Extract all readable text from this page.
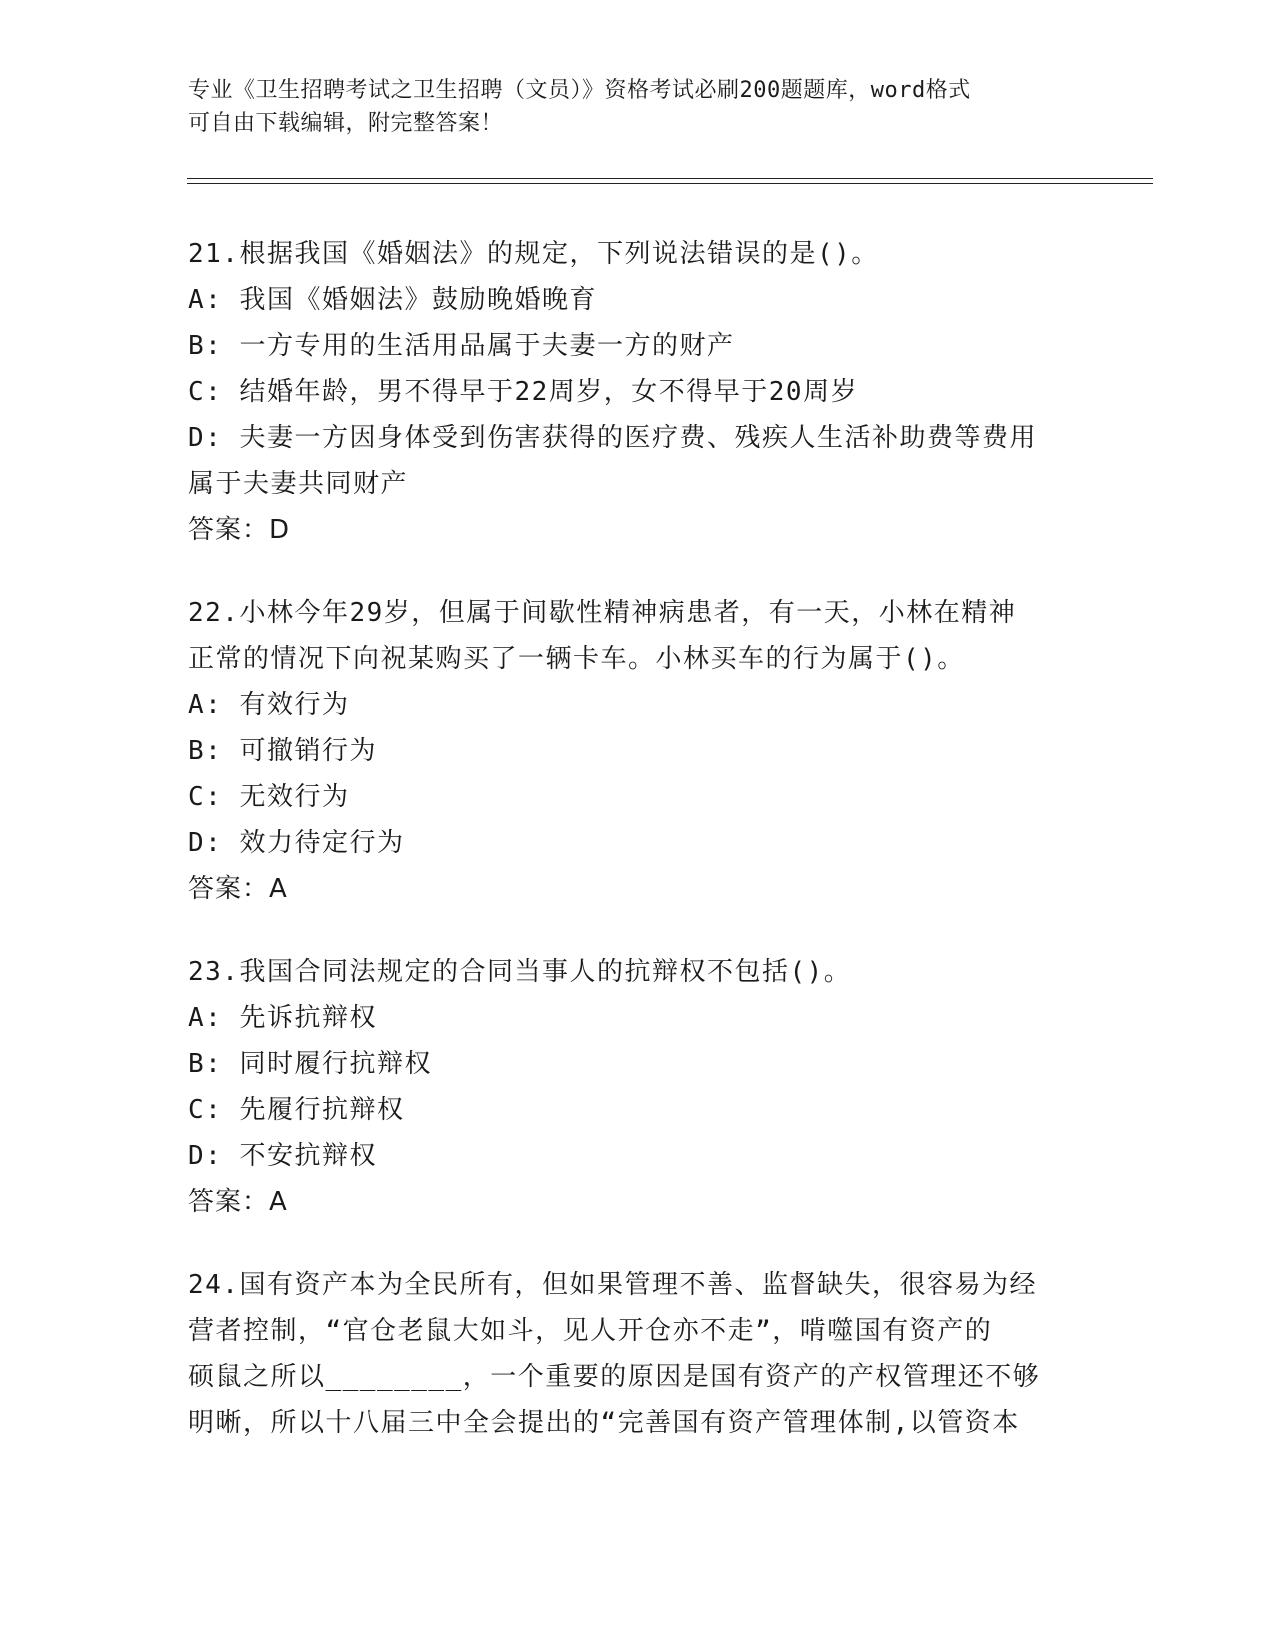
专业《卫生招聘考试之卫生招聘（文员）》资格考试必刷200题题库，word格式
可自由下载编辑，附完整答案！
21.根据我国《婚姻法》的规定，下列说法错误的是()。
A: 我国《婚姻法》鼓励晚婚晚育
B: 一方专用的生活用品属于夫妻一方的财产
C: 结婚年龄，男不得早于22周岁，女不得早于20周岁
D: 夫妻一方因身体受到伤害获得的医疗费、残疾人生活补助费等费用
属于夫妻共同财产
答案：D
22.小林今年29岁，但属于间歇性精神病患者，有一天，小林在精神
正常的情况下向祝某购买了一辆卡车。小林买车的行为属于()。
A: 有效行为
B: 可撤销行为
C: 无效行为
D: 效力待定行为
答案：A
23.我国合同法规定的合同当事人的抗辩权不包括()。
A: 先诉抗辩权
B: 同时履行抗辩权
C: 先履行抗辩权
D: 不安抗辩权
答案：A
24.国有资产本为全民所有，但如果管理不善、监督缺失，很容易为经
营者控制，“官仓老鼠大如斗，见人开仓亦不走”，啃噬国有资产的
硕鼠之所以________，一个重要的原因是国有资产的产权管理还不够
明晰，所以十八届三中全会提出的“完善国有资产管理体制,以管资本
